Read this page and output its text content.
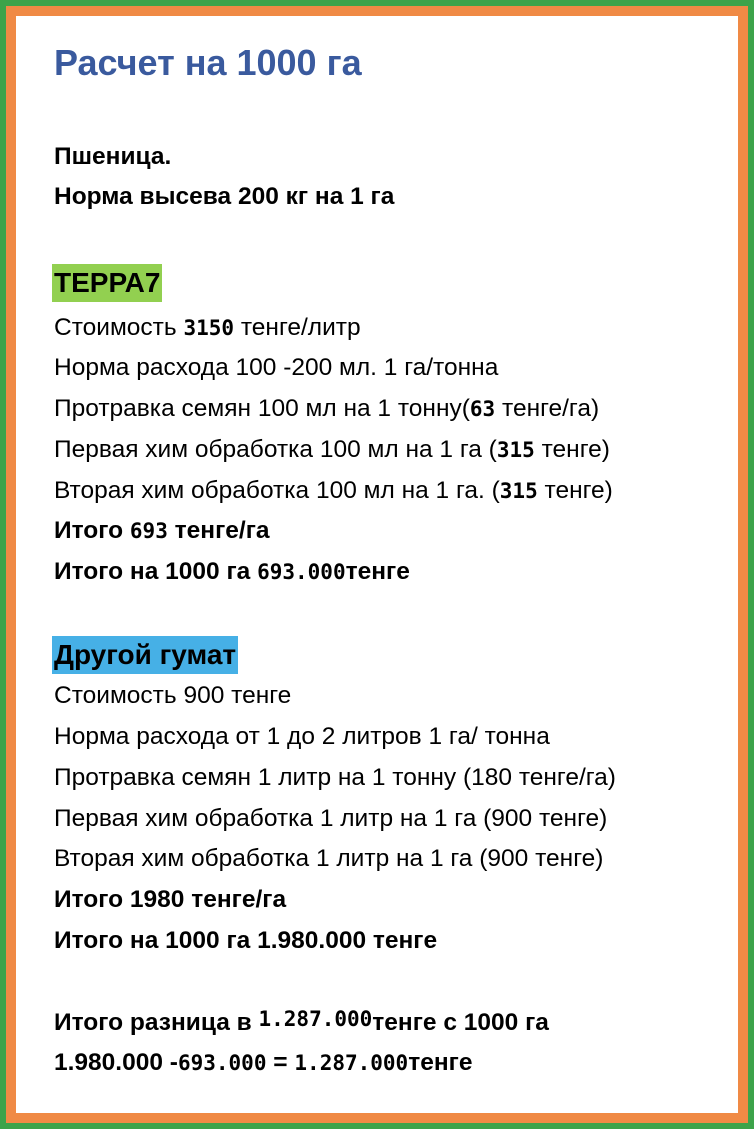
Расчет на 1000 га
Пшеница.
Норма высева 200 кг на 1 га
ТЕРРА7
Стоимость 3150 тенге/литр
Норма расхода 100 -200 мл. 1 га/тонна
Протравка семян 100 мл на 1 тонну(63 тенге/га)
Первая хим обработка 100 мл на 1 га (315 тенге)
Вторая хим обработка 100 мл на 1 га. (315 тенге)
Итого 693 тенге/га
Итого на 1000 га 693.000тенге
Другой гумат
Стоимость 900 тенге
Норма расхода от 1 до 2 литров 1 га/ тонна
Протравка семян 1 литр на 1 тонну (180 тенге/га)
Первая хим обработка 1 литр на 1 га (900 тенге)
Вторая хим обработка 1 литр на 1 га (900 тенге)
Итого 1980 тенге/га
Итого на 1000 га 1.980.000 тенге
Итого разница в 1.287.000тенге с 1000 га
1.980.000 -693.000 = 1.287.000тенге
